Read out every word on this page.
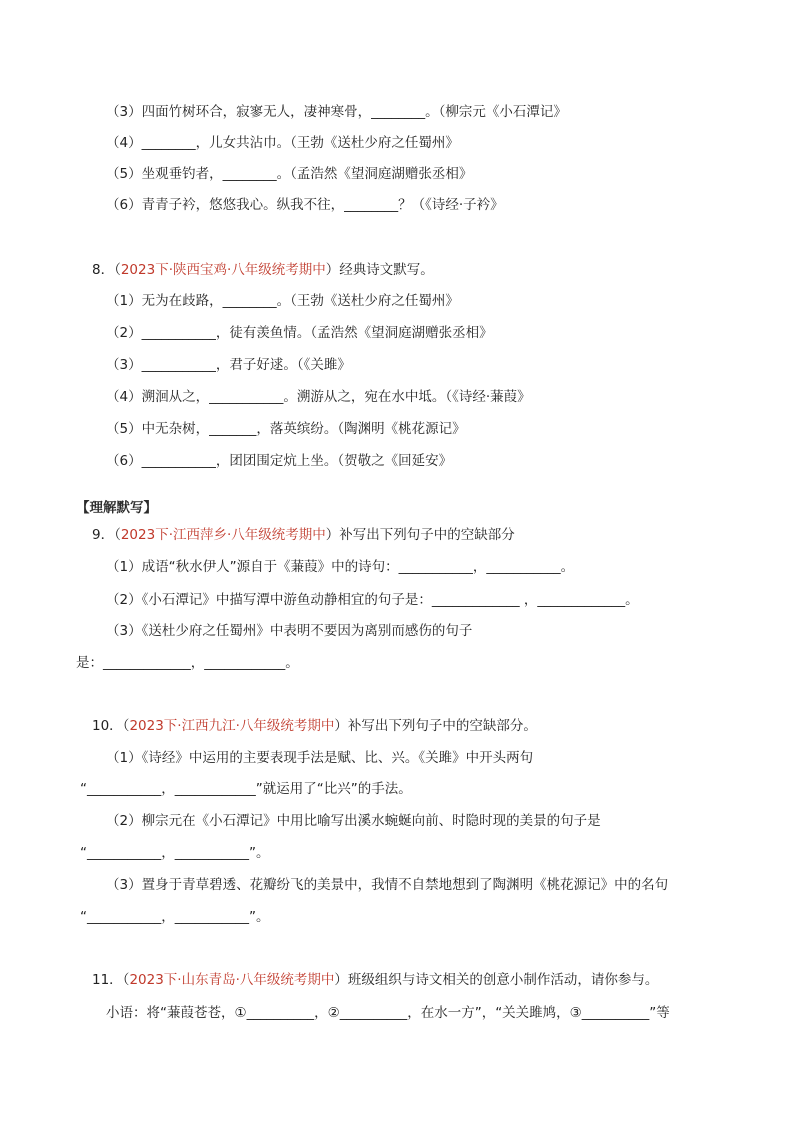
（3）四面竹树环合，寂寥无人，凄神寒骨，________。（柳宗元《小石潭记》
（4）________，儿女共沾巾。（王勃《送杜少府之任蜀州》
（5）坐观垂钓者，________。（孟浩然《望洞庭湖赠张丞相》
（6）青青子衿，悠悠我心。纵我不往，________？（《诗经·子衿》
8．（2023下·陕西宝鸡·八年级统考期中）经典诗文默写。
（1）无为在歧路，________。（王勃《送杜少府之任蜀州》
（2）___________，徒有羡鱼情。（孟浩然《望洞庭湖赠张丞相》
（3）___________，君子好逑。（《关雎》
（4）溯洄从之，___________。溯游从之，宛在水中坻。（《诗经·蒹葭》
（5）中无杂树，_______，落英缤纷。（陶渊明《桃花源记》
（6）___________，团团围定炕上坐。（贺敬之《回延安》
【理解默写】
9．（2023下·江西萍乡·八年级统考期中）补写出下列句子中的空缺部分
（1）成语“秋水伊人”源自于《蒹葭》中的诗句：___________，___________。
（2）《小石潭记》中描写潭中游鱼动静相宜的句子是：_____________ ，_____________。
（3）《送杜少府之任蜀州》中表明不要因为离别而感伤的句子
是：_____________，____________。
10．（2023下·江西九江·八年级统考期中）补写出下列句子中的空缺部分。
（1）《诗经》中运用的主要表现手法是赋、比、兴。《关雎》中开头两句
“___________，____________”就运用了“比兴”的手法。
（2）柳宗元在《小石潭记》中用比喻写出溪水蜿蜒向前、时隐时现的美景的句子是
“___________，___________”。
（3）置身于青草碧透、花瓣纷飞的美景中，我情不自禁地想到了陶渊明《桃花源记》中的名句
“___________，___________”。
11．（2023下·山东青岛·八年级统考期中）班级组织与诗文相关的创意小制作活动，请你参与。
小语：将“蒹葭苍苍，①__________，②__________，在水一方”，“关关雎鸠，③__________”等
